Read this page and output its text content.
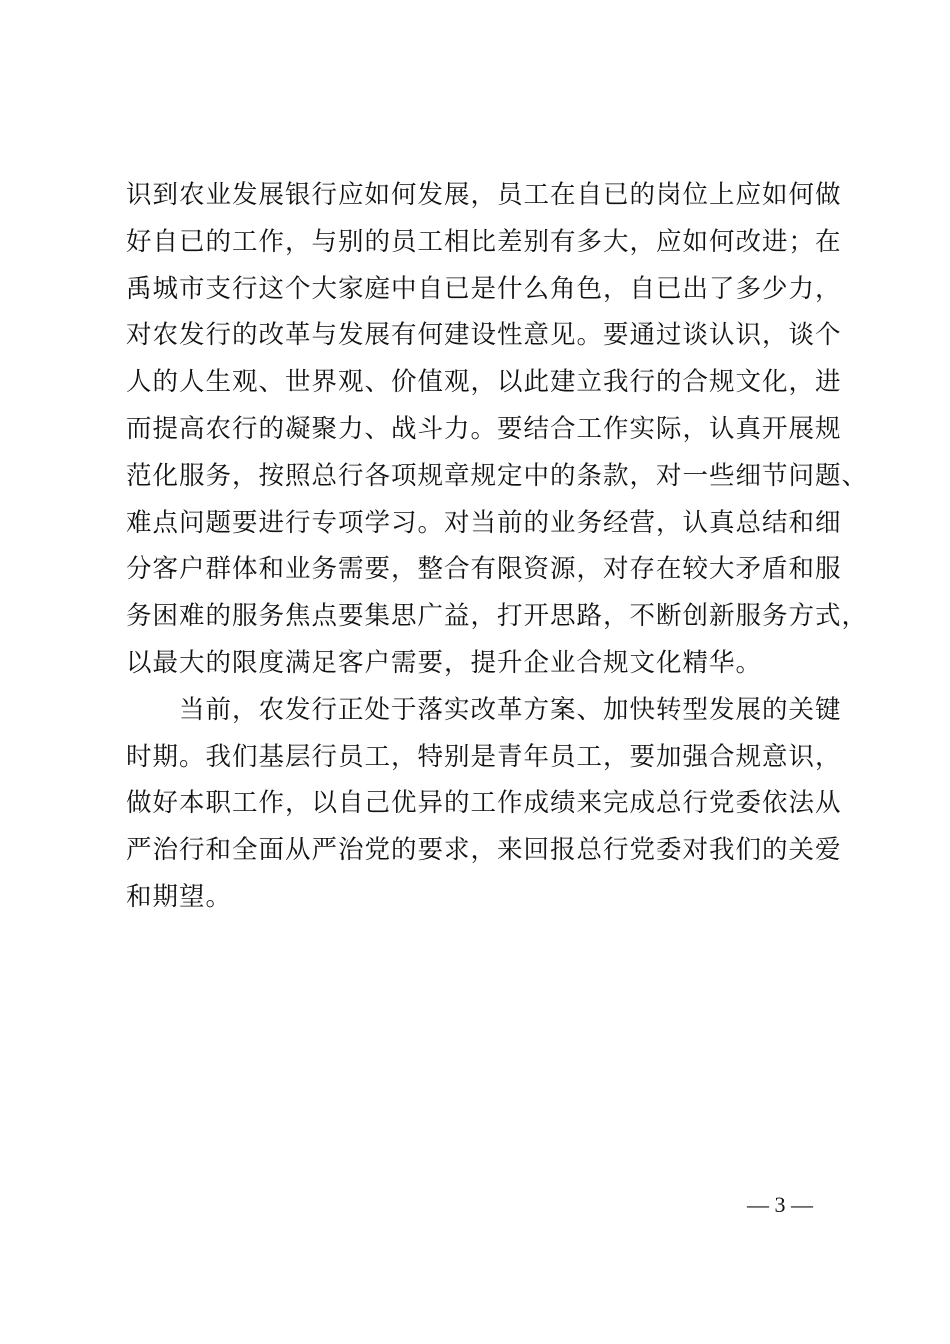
识到农业发展银行应如何发展，员工在自已的岗位上应如何做
好自已的工作，与别的员工相比差别有多大，应如何改进；在
禹城市支行这个大家庭中自已是什么角色，自已出了多少力，
对农发行的改革与发展有何建设性意见。要通过谈认识，谈个
人的人生观、世界观、价值观，以此建立我行的合规文化，进
而提高农行的凝聚力、战斗力。要结合工作实际，认真开展规
范化服务，按照总行各项规章规定中的条款，对一些细节问题、
难点问题要进行专项学习。对当前的业务经营，认真总结和细
分客户群体和业务需要，整合有限资源，对存在较大矛盾和服
务困难的服务焦点要集思广益，打开思路，不断创新服务方式，
以最大的限度满足客户需要，提升企业合规文化精华。
　　当前，农发行正处于落实改革方案、加快转型发展的关键
时期。我们基层行员工，特别是青年员工，要加强合规意识，
做好本职工作，以自己优异的工作成绩来完成总行党委依法从
严治行和全面从严治党的要求，来回报总行党委对我们的关爱
和期望。
— 3 —
